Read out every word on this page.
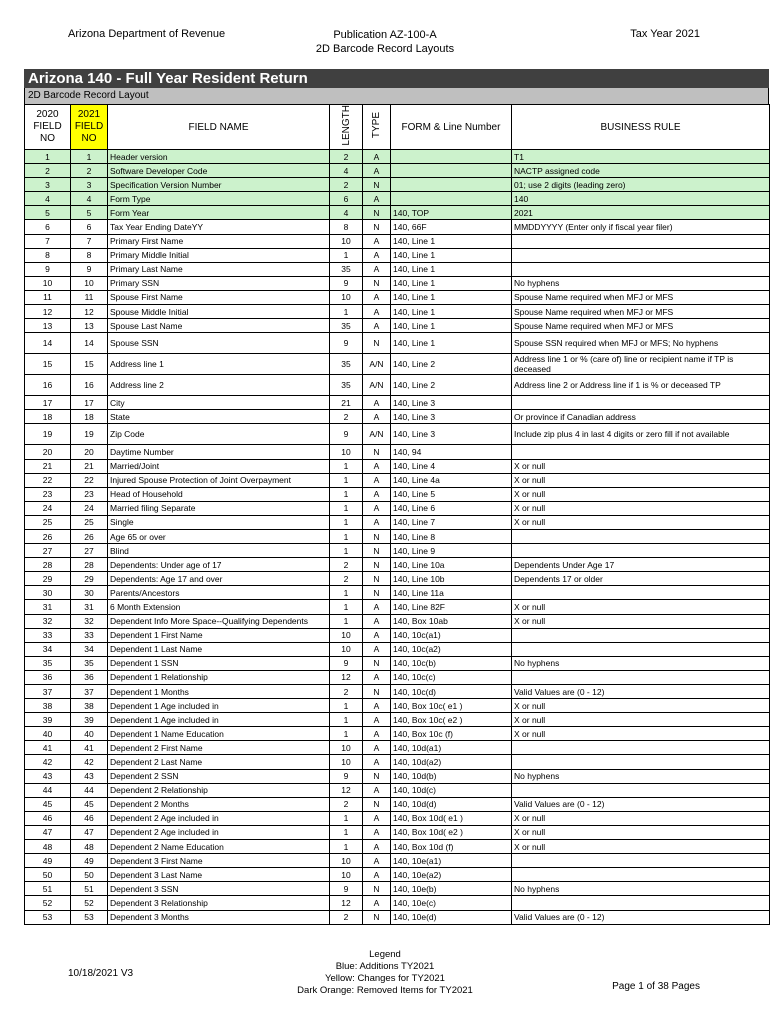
Arizona Department of Revenue	Publication AZ-100-A
2D Barcode Record Layouts
Tax Year 2021
Arizona 140 - Full Year Resident Return
2D Barcode Record Layout
2020 FIELD NO	2021 FIELD NO	FIELD NAME	LENGTH	TYPE	FORM & Line Number	BUSINESS RULE
1	1	Header version	2	A		T1
2	2	Software Developer Code	4	A		NACTP assigned code
3	3	Specification Version Number	2	N		01; use 2 digits (leading zero)
4	4	Form Type	6	A		140
5	5	Form Year	4	N	140, TOP	2021
6	6	Tax Year Ending DateYY	8	N	140, 66F	MMDDYYYY (Enter only if fiscal year filer)
7	7	Primary First Name	10	A	140, Line 1	
8	8	Primary Middle Initial	1	A	140, Line 1	
9	9	Primary Last Name	35	A	140, Line 1	
10	10	Primary SSN	9	N	140, Line 1	No hyphens
11	11	Spouse First Name	10	A	140, Line 1	Spouse Name required when MFJ or MFS
12	12	Spouse Middle Initial	1	A	140, Line 1	Spouse Name required when MFJ or MFS
13	13	Spouse Last Name	35	A	140, Line 1	Spouse Name required when MFJ or MFS
14	14	Spouse SSN	9	N	140, Line 1	Spouse SSN required when MFJ or MFS; No hyphens
15	15	Address line 1	35	A/N	140, Line 2	Address line 1 or % (care of) line or recipient name if TP is deceased
16	16	Address line 2	35	A/N	140, Line 2	Address line 2 or Address line if 1 is % or deceased TP
17	17	City	21	A	140, Line 3	
18	18	State	2	A	140, Line 3	Or province if Canadian address
19	19	Zip Code	9	A/N	140, Line 3	Include zip plus 4 in last 4 digits or zero fill if not available
20	20	Daytime Number	10	N	140, 94	
21	21	Married/Joint	1	A	140, Line 4	X or null
22	22	Injured Spouse Protection of Joint Overpayment	1	A	140, Line 4a	X or null
23	23	Head of Household	1	A	140, Line 5	X or null
24	24	Married filing Separate	1	A	140, Line 6	X or null
25	25	Single	1	A	140, Line 7	X or null
26	26	Age 65 or over	1	N	140, Line 8	
27	27	Blind	1	N	140, Line 9	
28	28	Dependents: Under age of 17	2	N	140, Line 10a	Dependents Under Age 17
29	29	Dependents: Age 17 and over	2	N	140, Line 10b	Dependents 17 or older
30	30	Parents/Ancestors	1	N	140, Line 11a	
31	31	6 Month Extension	1	A	140, Line 82F	X or null
32	32	Dependent Info More Space--Qualifying Dependents	1	A	140, Box 10ab	X or null
33	33	Dependent 1 First Name	10	A	140, 10c(a1)	
34	34	Dependent 1 Last Name	10	A	140, 10c(a2)	
35	35	Dependent 1 SSN	9	N	140, 10c(b)	No hyphens
36	36	Dependent 1 Relationship	12	A	140, 10c(c)	
37	37	Dependent 1 Months	2	N	140, 10c(d)	Valid Values are (0 - 12)
38	38	Dependent 1 Age included in	1	A	140, Box 10c( e1 )	X or null
39	39	Dependent 1 Age included in	1	A	140, Box 10c( e2 )	X or null
40	40	Dependent 1 Name Education	1	A	140, Box 10c (f)	X or null
41	41	Dependent 2 First Name	10	A	140, 10d(a1)	
42	42	Dependent 2 Last Name	10	A	140, 10d(a2)	
43	43	Dependent 2 SSN	9	N	140, 10d(b)	No hyphens
44	44	Dependent 2 Relationship	12	A	140, 10d(c)	
45	45	Dependent 2 Months	2	N	140, 10d(d)	Valid Values are (0 - 12)
46	46	Dependent 2 Age included in	1	A	140, Box 10d( e1 )	X or null
47	47	Dependent 2 Age included in	1	A	140, Box 10d( e2 )	X or null
48	48	Dependent 2 Name Education	1	A	140, Box 10d (f)	X or null
49	49	Dependent 3 First Name	10	A	140, 10e(a1)	
50	50	Dependent 3 Last Name	10	A	140, 10e(a2)	
51	51	Dependent 3 SSN	9	N	140, 10e(b)	No hyphens
52	52	Dependent 3 Relationship	12	A	140, 10e(c)	
53	53	Dependent 3 Months	2	N	140, 10e(d)	Valid Values are (0 - 12)
10/18/2021 V3
Legend
Blue: Additions TY2021
Yellow: Changes for TY2021
Dark Orange: Removed Items for TY2021	Page 1 of 38 Pages
